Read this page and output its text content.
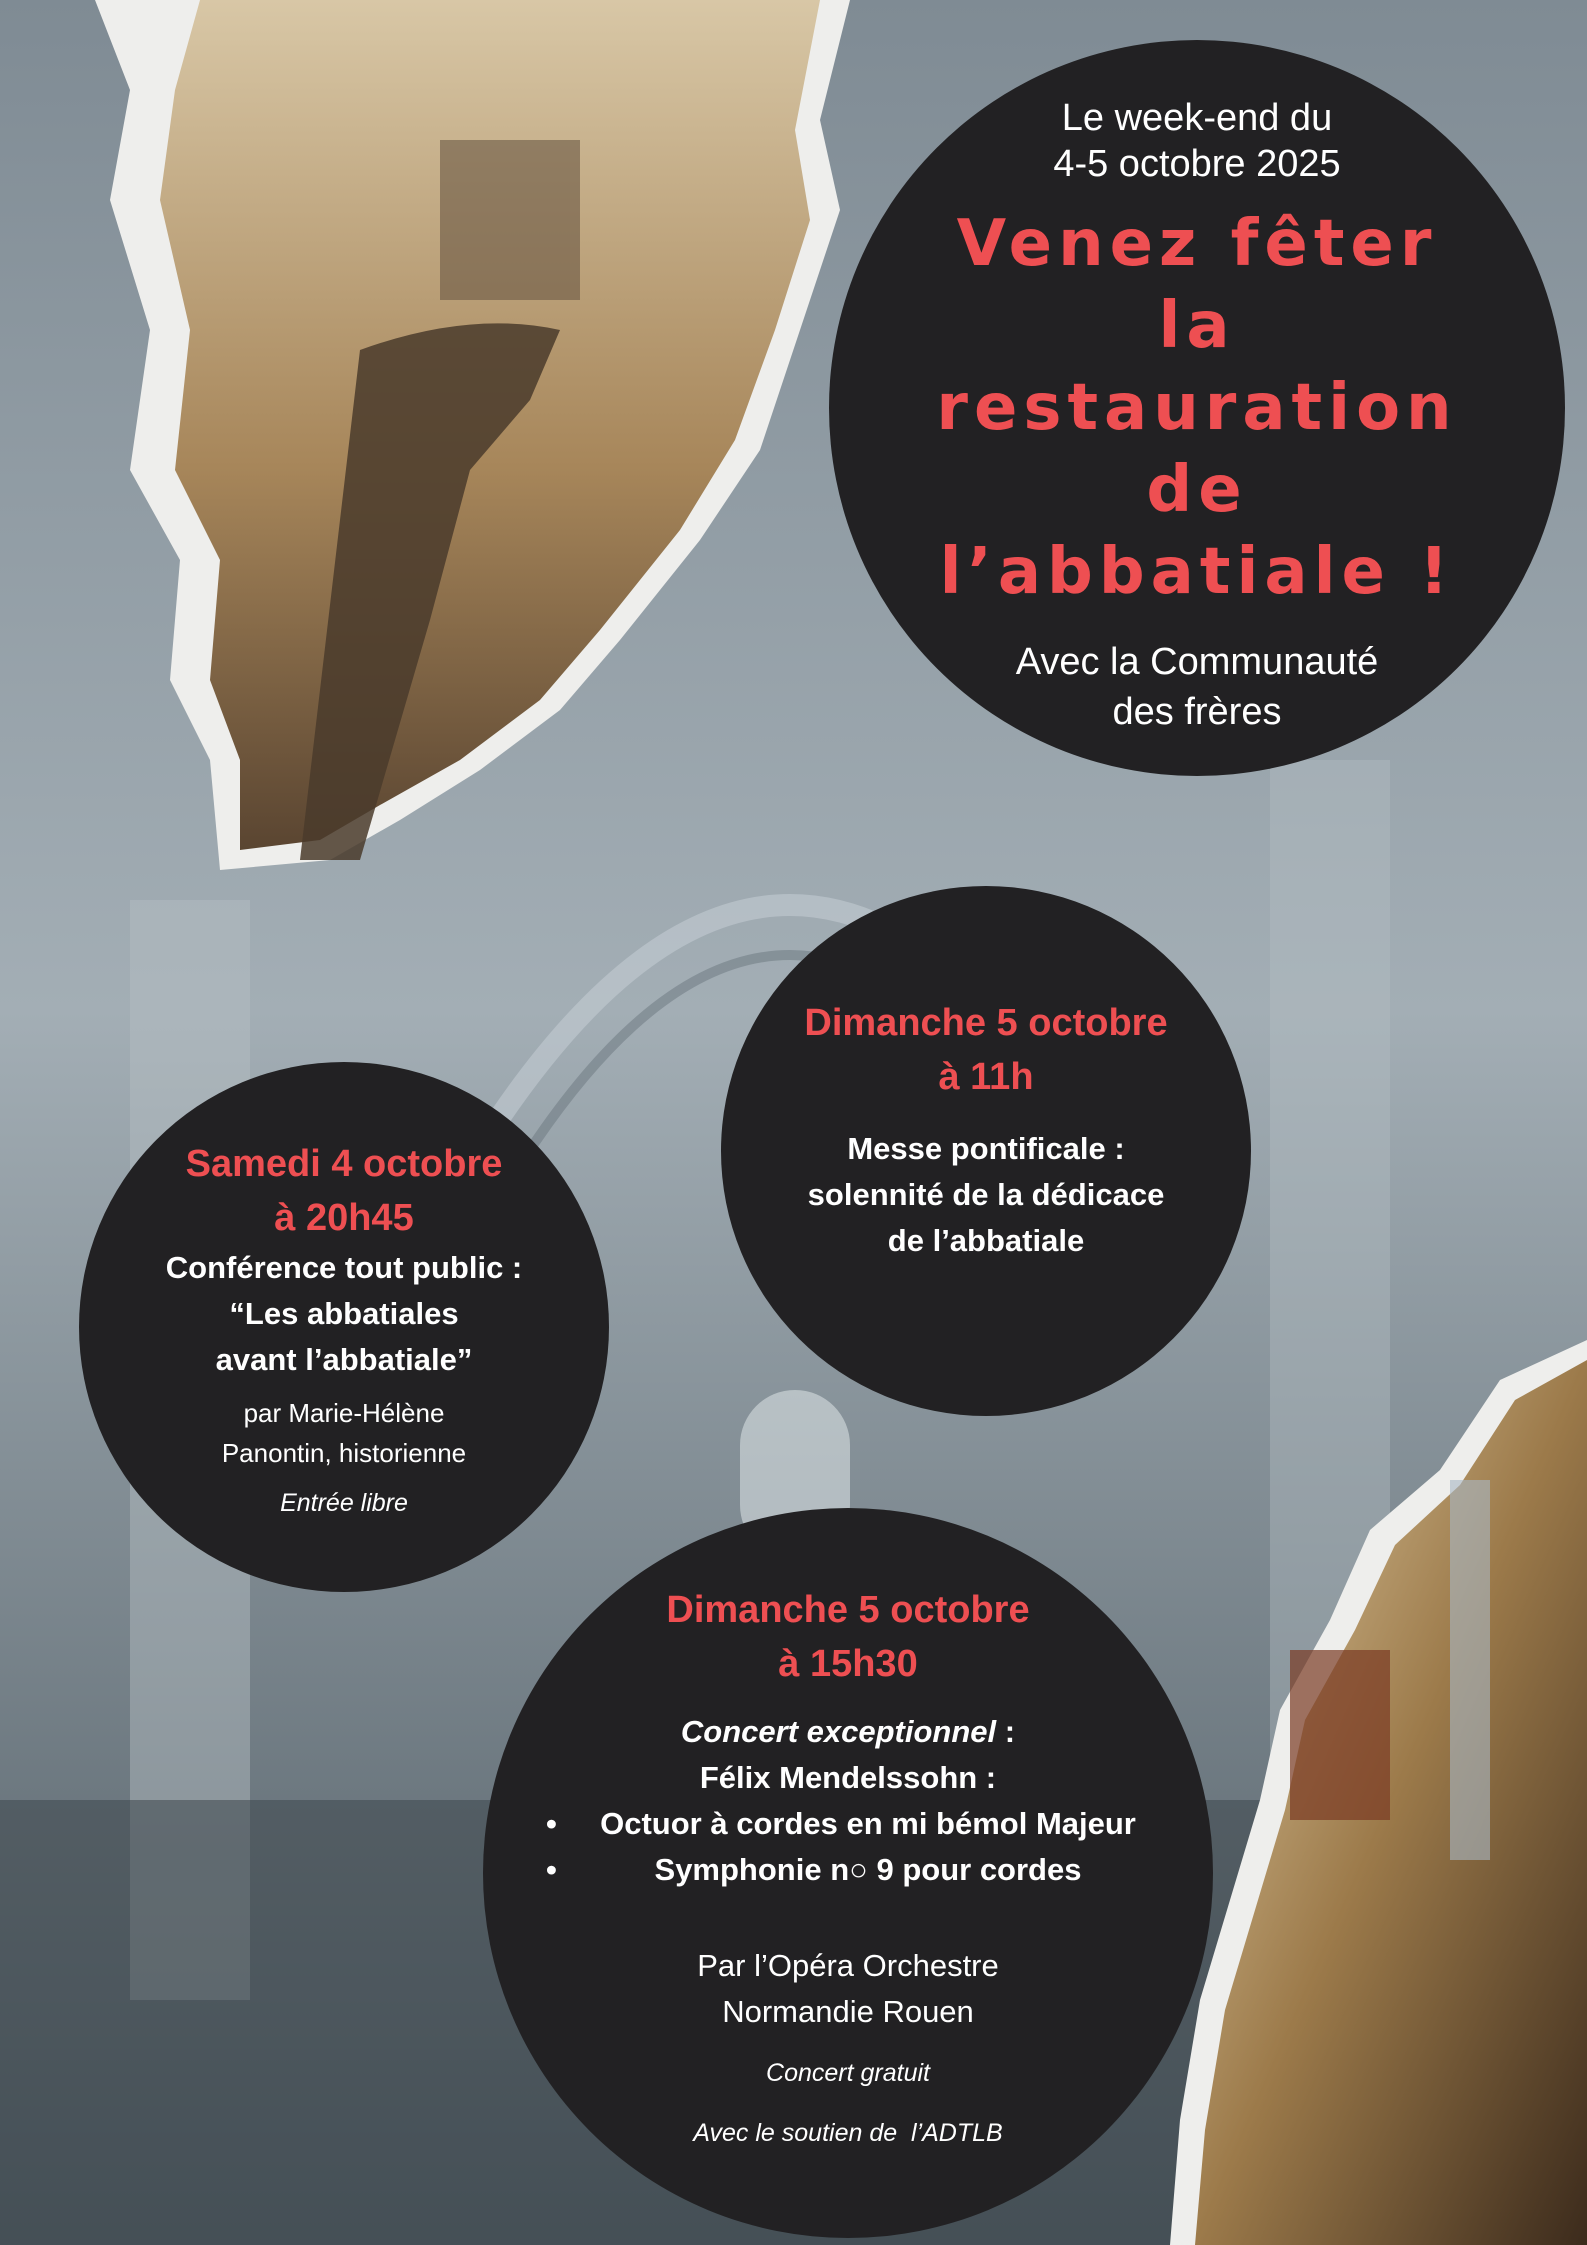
Le week-end du
4-5 octobre 2025
Venez fêter
la
restauration
de
l’abbatiale !
Avec la Communauté
des frères
Samedi 4 octobre
à 20h45
Conférence tout public :
“Les abbatiales
avant l’abbatiale”
par Marie-Hélène
Panontin, historienne
Entrée libre
Dimanche 5 octobre
à 11h
Messe pontificale :
solennité de la dédicace
de l’abbatiale
Dimanche 5 octobre
à 15h30
Concert exceptionnel :
Félix Mendelssohn :
• Octuor à cordes en mi bémol Majeur
• Symphonie n○ 9 pour cordes
Par l’Opéra Orchestre
Normandie Rouen
Concert gratuit
Avec le soutien de  l’ADTLB
